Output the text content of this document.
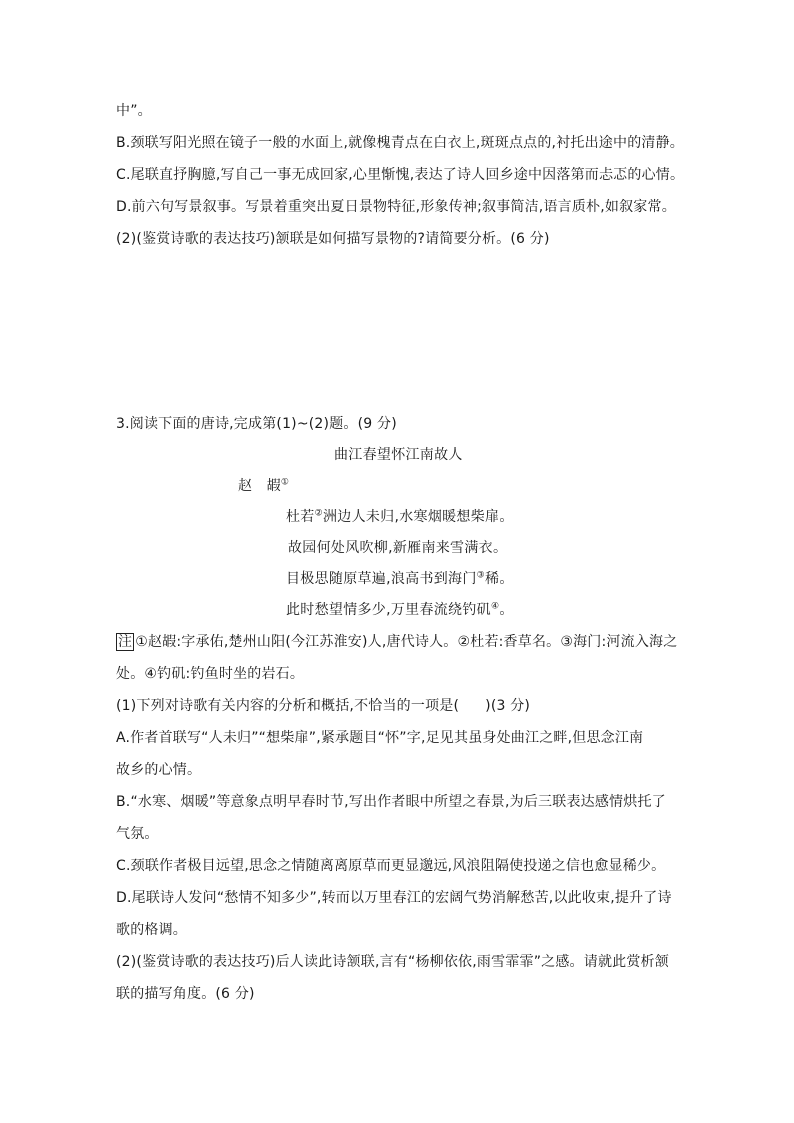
中”。
B.颈联写阳光照在镜子一般的水面上,就像槐青点在白衣上,斑斑点点的,衬托出途中的清静。
C.尾联直抒胸臆,写自己一事无成回家,心里惭愧,表达了诗人回乡途中因落第而忐忑的心情。
D.前六句写景叙事。写景着重突出夏日景物特征,形象传神;叙事简洁,语言质朴,如叙家常。
(2)(鉴赏诗歌的表达技巧)颔联是如何描写景物的?请简要分析。(6 分)
3.阅读下面的唐诗,完成第(1)~(2)题。(9 分)
曲江春望怀江南故人
赵　嘏①
杜若②洲边人未归,水寒烟暖想柴扉。
故园何处风吹柳,新雁南来雪满衣。
目极思随原草遍,浪高书到海门③稀。
此时愁望情多少,万里春流绕钓矶④。
注 ①赵嘏:字承佑,楚州山阳(今江苏淮安)人,唐代诗人。②杜若:香草名。③海门:河流入海之
处。④钓矶:钓鱼时坐的岩石。
(1)下列对诗歌有关内容的分析和概括,不恰当的一项是( )(3 分)
A.作者首联写“人未归”“想柴扉”,紧承题目“怀”字,足见其虽身处曲江之畔,但思念江南
故乡的心情。
B.“水寒、烟暖”等意象点明早春时节,写出作者眼中所望之春景,为后三联表达感情烘托了
气氛。
C.颈联作者极目远望,思念之情随离离原草而更显邈远,风浪阻隔使投递之信也愈显稀少。
D.尾联诗人发问“愁情不知多少”,转而以万里春江的宏阔气势消解愁苦,以此收束,提升了诗
歌的格调。
(2)(鉴赏诗歌的表达技巧)后人读此诗颔联,言有“杨柳依依,雨雪霏霏”之感。请就此赏析颔
联的描写角度。(6 分)
